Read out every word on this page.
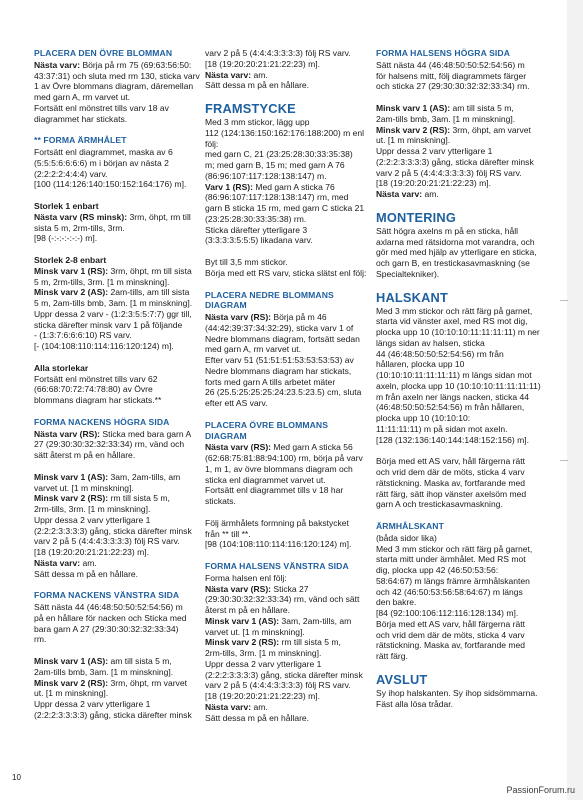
PLACERA DEN ÖVRE BLOMMAN
Nästa varv: Börja på rm 75 (69:63:56:50:
43:37:31) och sluta med rm 130, sticka varv
1 av Övre blommans diagram, däremellan
med garn A, rm varvet ut.
Fortsätt enl mönstret tills varv 18 av
diagrammet har stickats.
** FORMA ÄRMHÅLET
Fortsätt enl diagrammet, maska av 6
(5:5:5:6:6:6:6) m i början av nästa 2
(2:2:2:2:4:4:4) varv.
[100 (114:126:140:150:152:164:176) m].
Storlek 1 enbart
Nästa varv (RS minsk): 3rm, öhpt, rm till
sista 5 m, 2rm-tills, 3rm.
[98 (-:-:-:-:-:-) m].
Storlek 2-8 enbart
Minsk varv 1 (RS): 3rm, öhpt, rm till sista
5 m, 2rm-tills, 3rm. [1 m minskning].
Minsk varv 2 (AS): 2am-tills, am till sista
5 m, 2am-tills bmb, 3am. [1 m minskning].
Uppr dessa 2 varv - (1:2:3:5:5:7:7) ggr till,
sticka därefter minsk varv 1 på följande
- (1:3:7:6:6:6:10) RS varv.
[- (104:108:110:114:116:120:124) m].
Alla storlekar
Fortsätt enl mönstret tills varv 62
(66:68:70:72:74:78:80) av Övre
blommans diagram har stickats.**
FORMA NACKENS HÖGRA SIDA
Nästa varv (RS): Sticka med bara garn A
27 (29:30:30:32:32:33:34) rm, vänd och
sätt återst m på en hållare.
Minsk varv 1 (AS): 3am, 2am-tills, am
varvet ut. [1 m minskning].
Minsk varv 2 (RS): rm till sista 5 m,
2rm-tills, 3rm. [1 m minskning].
Uppr dessa 2 varv ytterligare 1
(2:2:2:3:3:3:3) gång, sticka därefter minsk
varv 2 på 5 (4:4:4:3:3:3:3) följ RS varv.
[18 (19:20:20:21:21:22:23) m].
Nästa varv: am.
Sätt dessa m på en hållare.
FORMA NACKENS VÄNSTRA SIDA
Sätt nästa 44 (46:48:50:50:52:54:56) m
på en hållare för nacken och Sticka med
bara garn A 27 (29:30:30:32:32:33:34)
rm.
Minsk varv 1 (AS): am till sista 5 m,
2am-tills bmb, 3am. [1 m minskning].
Minsk varv 2 (RS): 3rm, öhpt, rm varvet
ut. [1 m minskning].
Uppr dessa 2 varv ytterligare 1
(2:2:2:3:3:3:3) gång, sticka därefter minsk
varv 2 på 5 (4:4:4:3:3:3:3) följ RS varv.
[18 (19:20:20:21:21:22:23) m].
Nästa varv: am.
Sätt dessa m på en hållare.
FRAMSTYCKE
Med 3 mm stickor, lägg upp
112 (124:136:150:162:176:188:200) m enl
följ:
med garn C, 21 (23:25:28:30:33:35:38)
m; med garn B, 15 m; med garn A 76
(86:96:107:117:128:138:147) m.
Varv 1 (RS): Med garn A sticka 76
(86:96:107:117:128:138:147) rm, med
garn B sticka 15 rm, med garn C sticka 21
(23:25:28:30:33:35:38) rm.
Sticka därefter ytterligare 3
(3:3:3:3:5:5:5) likadana varv.
Byt till 3,5 mm stickor.
Börja med ett RS varv, sticka slätst enl följ:
PLACERA NEDRE BLOMMANS DIAGRAM
Nästa varv (RS): Börja på m 46
(44:42:39:37:34:32:29), sticka varv 1 of
Nedre blommans diagram, fortsätt sedan
med garn A, rm varvet ut.
Efter varv 51 (51:51:51:53:53:53:53) av
Nedre blommans diagram har stickats,
forts med garn A tills arbetet mäter
26 (25.5:25:25:25:24:23.5:23.5) cm, sluta
efter ett AS varv.
PLACERA ÖVRE BLOMMANS DIAGRAM
Nästa varv (RS): Med garn A sticka 56
(62:68:75:81:88:94:100) rm, börja på varv
1, m 1, av övre blommans diagram och
sticka enl diagrammet varvet ut.
Fortsätt enl diagrammet tills v 18 har
stickats.
Följ ärmhålets formning på bakstycket
från ** till **.
[98 (104:108:110:114:116:120:124) m].
FORMA HALSENS VÄNSTRA SIDA
Forma halsen enl följ:
Nästa varv (RS): Sticka 27
(29:30:30:32:32:33:34) rm, vänd och sätt
återst m på en hållare.
Minsk varv 1 (AS): 3am, 2am-tills, am
varvet ut. [1 m minskning].
Minsk varv 2 (RS): rm till sista 5 m,
2rm-tills, 3rm. [1 m minskning].
Uppr dessa 2 varv ytterligare 1
(2:2:2:3:3:3:3) gång, sticka därefter minsk
varv 2 på 5 (4:4:4:3:3:3:3) följ RS varv.
[18 (19:20:20:21:21:22:23) m].
Nästa varv: am.
Sätt dessa m på en hållare.
FORMA HALSENS HÖGRA SIDA
Sätt nästa 44 (46:48:50:50:52:54:56) m
för halsens mitt, följ diagrammets färger
och sticka 27 (29:30:30:32:32:33:34) rm.
Minsk varv 1 (AS): am till sista 5 m,
2am-tills bmb, 3am. [1 m minskning].
Minsk varv 2 (RS): 3rm, öhpt, am varvet
ut. [1 m minskning].
Uppr dessa 2 varv ytterligare 1
(2:2:2:3:3:3:3) gång, sticka därefter minsk
varv 2 på 5 (4:4:4:3:3:3:3) följ RS varv.
[18 (19:20:20:21:21:22:23) m].
Nästa varv: am.
MONTERING
Sätt högra axelns m på en sticka, håll
axlarna med rätsidorna mot varandra, och
gör med med hjälp av ytterligare en sticka,
och garn B, en trestickasavmaskning (se
Specialtekniker).
HALSKANT
Med 3 mm stickor och rätt färg på garnet,
starta vid vänster axel, med RS mot dig,
plocka upp 10 (10:10:10:11:11:11:11) m ner
längs sidan av halsen, sticka
44 (46:48:50:50:52:54:56) rm från
hållaren, plocka upp 10
(10:10:10:11:11:11:11) m längs sidan mot
axeln, plocka upp 10 (10:10:10:11:11:11:11)
m från axeln ner längs nacken, sticka 44
(46:48:50:50:52:54:56) m från hållaren,
plocka upp 10 (10:10:10:
11:11:11:11) m på sidan mot axeln.
[128 (132:136:140:144:148:152:156) m].
Börja med ett AS varv, håll färgerna rätt
och vrid dem där de möts, sticka 4 varv
rätstickning. Maska av, fortfarande med
rätt färg, sätt ihop vänster axelsöm med
garn A och trestickasavmaskning.
ÄRMHÅLSKANT
(båda sidor lika)
Med 3 mm stickor och rätt färg på garnet,
starta mitt under ärmhålet. Med RS mot
dig, plocka upp 42 (46:50:53:56:
58:64:67) m längs främre ärmhålskanten
och 42 (46:50:53:56:58:64:67) m längs
den bakre.
[84 (92:100:106:112:116:128:134) m].
Börja med ett AS varv, håll färgerna rätt
och vrid dem där de möts, sticka 4 varv
rätstickning. Maska av, fortfarande med
rätt färg.
AVSLUT
Sy ihop halskanten. Sy ihop sidsömmarna.
Fäst alla lösa trådar.
10
PassionForum.ru
